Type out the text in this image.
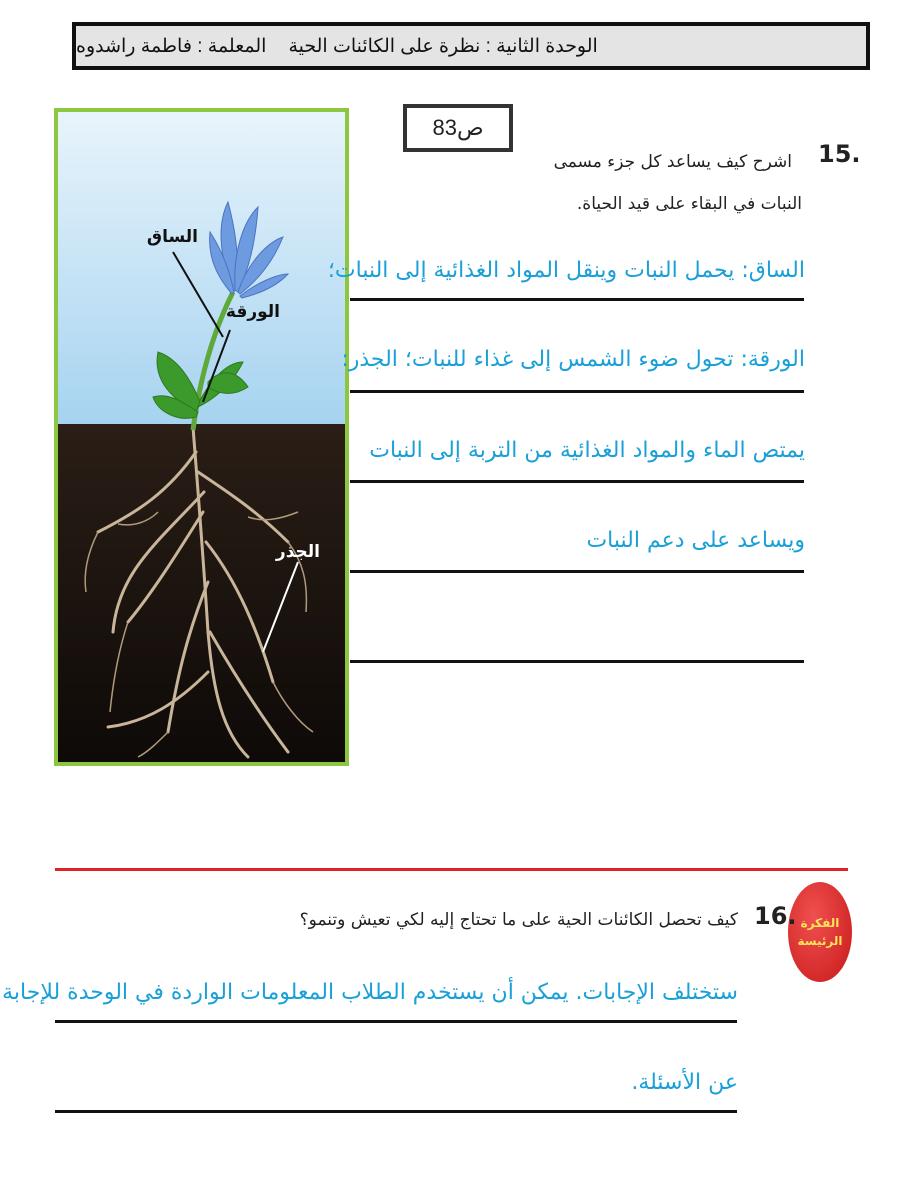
الوحدة الثانية : نظرة على الكائنات الحية
المعلمة : فاطمة راشدوه
الساق
الورقة
الجذر
ص83
15.
اشرح كيف يساعد كل جزء مسمى
النبات في البقاء على قيد الحياة.
الساق: يحمل النبات وينقل المواد الغذائية إلى النبات؛
الورقة: تحول ضوء الشمس إلى غذاء للنبات؛ الجذر:
يمتص الماء والمواد الغذائية من التربة إلى النبات
ويساعد على دعم النبات
الفكرة
الرئيسة
16.
كيف تحصل الكائنات الحية على ما تحتاج إليه لكي تعيش وتنمو؟
ستختلف الإجابات. يمكن أن يستخدم الطلاب المعلومات الواردة في الوحدة للإجابة
عن الأسئلة.
